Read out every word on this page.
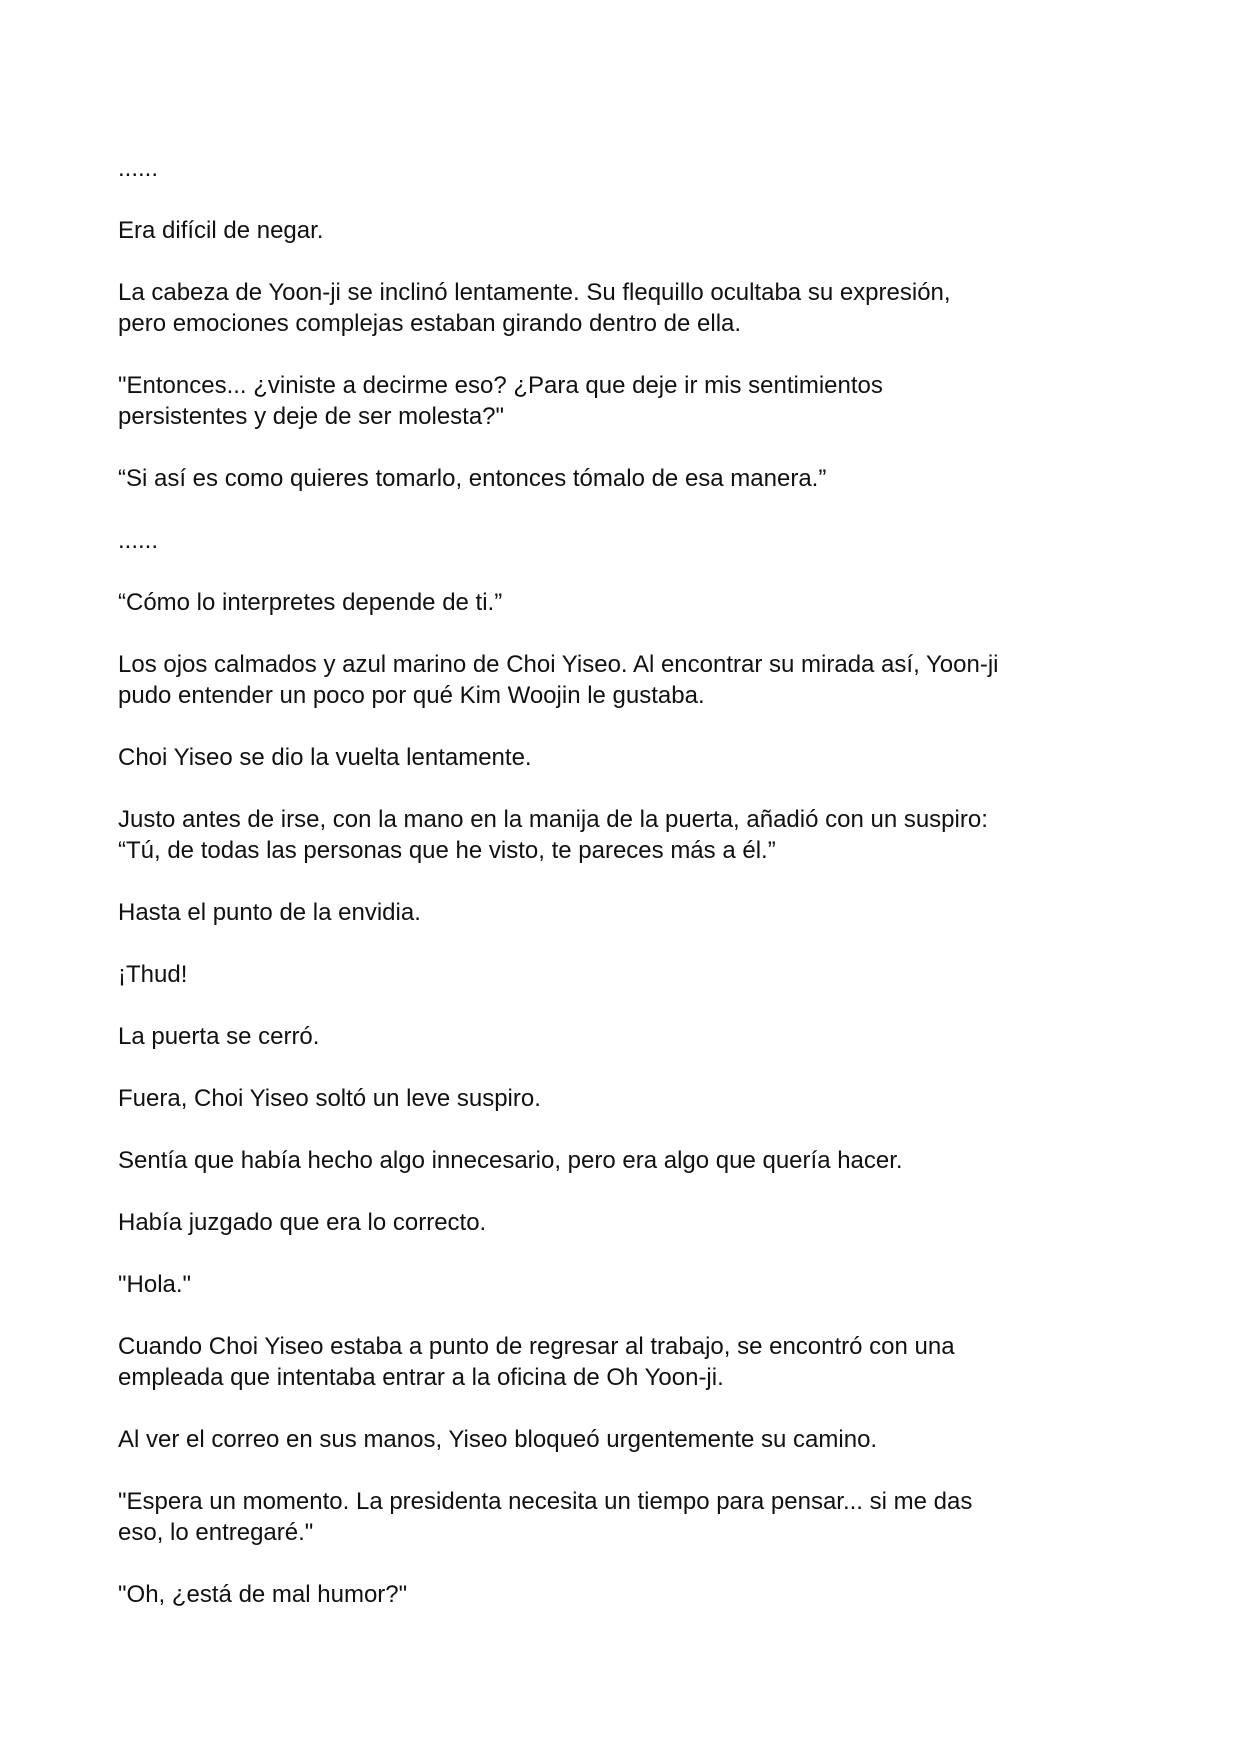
......

Era difícil de negar.

La cabeza de Yoon-ji se inclinó lentamente. Su flequillo ocultaba su expresión,
pero emociones complejas estaban girando dentro de ella.

"Entonces... ¿viniste a decirme eso? ¿Para que deje ir mis sentimientos
persistentes y deje de ser molesta?"

“Si así es como quieres tomarlo, entonces tómalo de esa manera.”

......

“Cómo lo interpretes depende de ti.”

Los ojos calmados y azul marino de Choi Yiseo. Al encontrar su mirada así, Yoon-ji
pudo entender un poco por qué Kim Woojin le gustaba.

Choi Yiseo se dio la vuelta lentamente.

Justo antes de irse, con la mano en la manija de la puerta, añadió con un suspiro:
“Tú, de todas las personas que he visto, te pareces más a él.”

Hasta el punto de la envidia.

¡Thud!

La puerta se cerró.

Fuera, Choi Yiseo soltó un leve suspiro.

Sentía que había hecho algo innecesario, pero era algo que quería hacer.

Había juzgado que era lo correcto.

"Hola."

Cuando Choi Yiseo estaba a punto de regresar al trabajo, se encontró con una
empleada que intentaba entrar a la oficina de Oh Yoon-ji.

Al ver el correo en sus manos, Yiseo bloqueó urgentemente su camino.

"Espera un momento. La presidenta necesita un tiempo para pensar... si me das
eso, lo entregaré."

"Oh, ¿está de mal humor?"
